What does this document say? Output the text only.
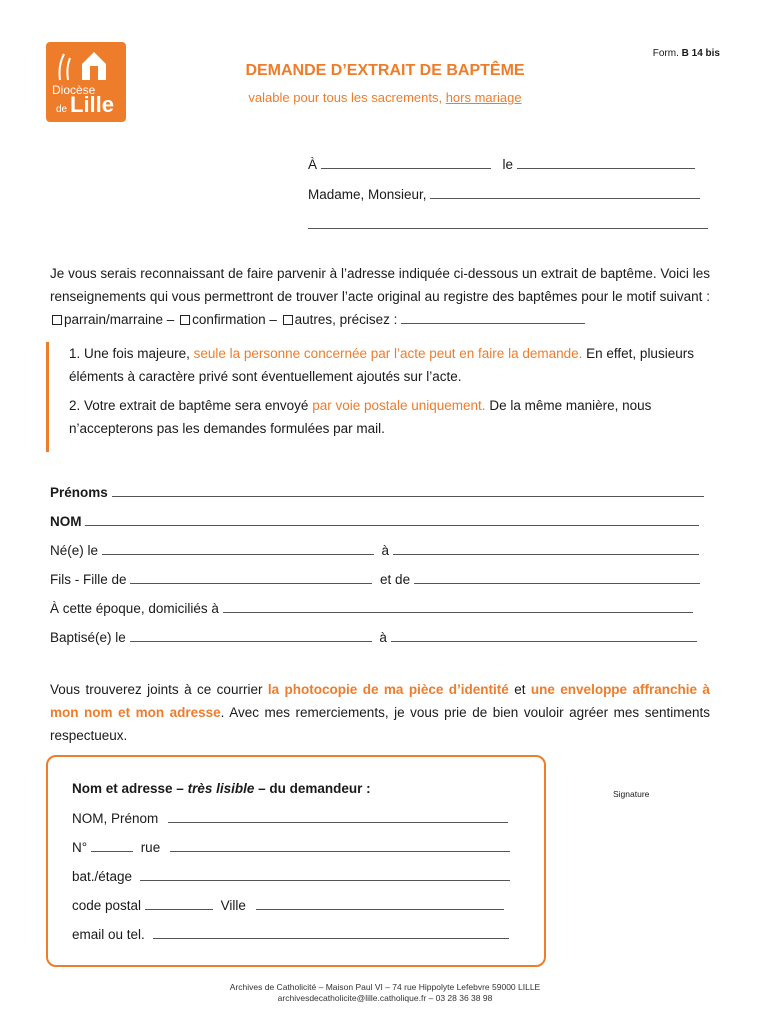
Diocèse
de Lille
Form. B 14 bis
DEMANDE D’EXTRAIT DE BAPTÊME
valable pour tous les sacrements, hors mariage
À	le
Madame, Monsieur,
Je vous serais reconnaissant de faire parvenir à l’adresse indiquée ci-dessous un extrait de baptême. Voici les renseignements qui vous permettront de trouver l’acte original au registre des baptêmes pour le motif suivant : parrain/marraine – confirmation – autres, précisez :
1. Une fois majeure, seule la personne concernée par l’acte peut en faire la demande. En effet, plusieurs éléments à caractère privé sont éventuellement ajoutés sur l’acte.
2. Votre extrait de baptême sera envoyé par voie postale uniquement. De la même manière, nous n’accepterons pas les demandes formulées par mail.
Prénoms
NOM
Né(e) le	à
Fils - Fille de	et de
À cette époque, domiciliés à
Baptisé(e) le	à
Vous trouverez joints à ce courrier la photocopie de ma pièce d’identité et une enveloppe affranchie à mon nom et mon adresse. Avec mes remerciements, je vous prie de bien vouloir agréer mes sentiments respectueux.
Nom et adresse – très lisible – du demandeur :
NOM, Prénom
N°	rue
bat./étage
code postal	Ville
email ou tel.
Signature
Archives de Catholicité – Maison Paul VI – 74 rue Hippolyte Lefebvre 59000 LILLE
archivesdecatholicite@lille.catholique.fr – 03 28 36 38 98
